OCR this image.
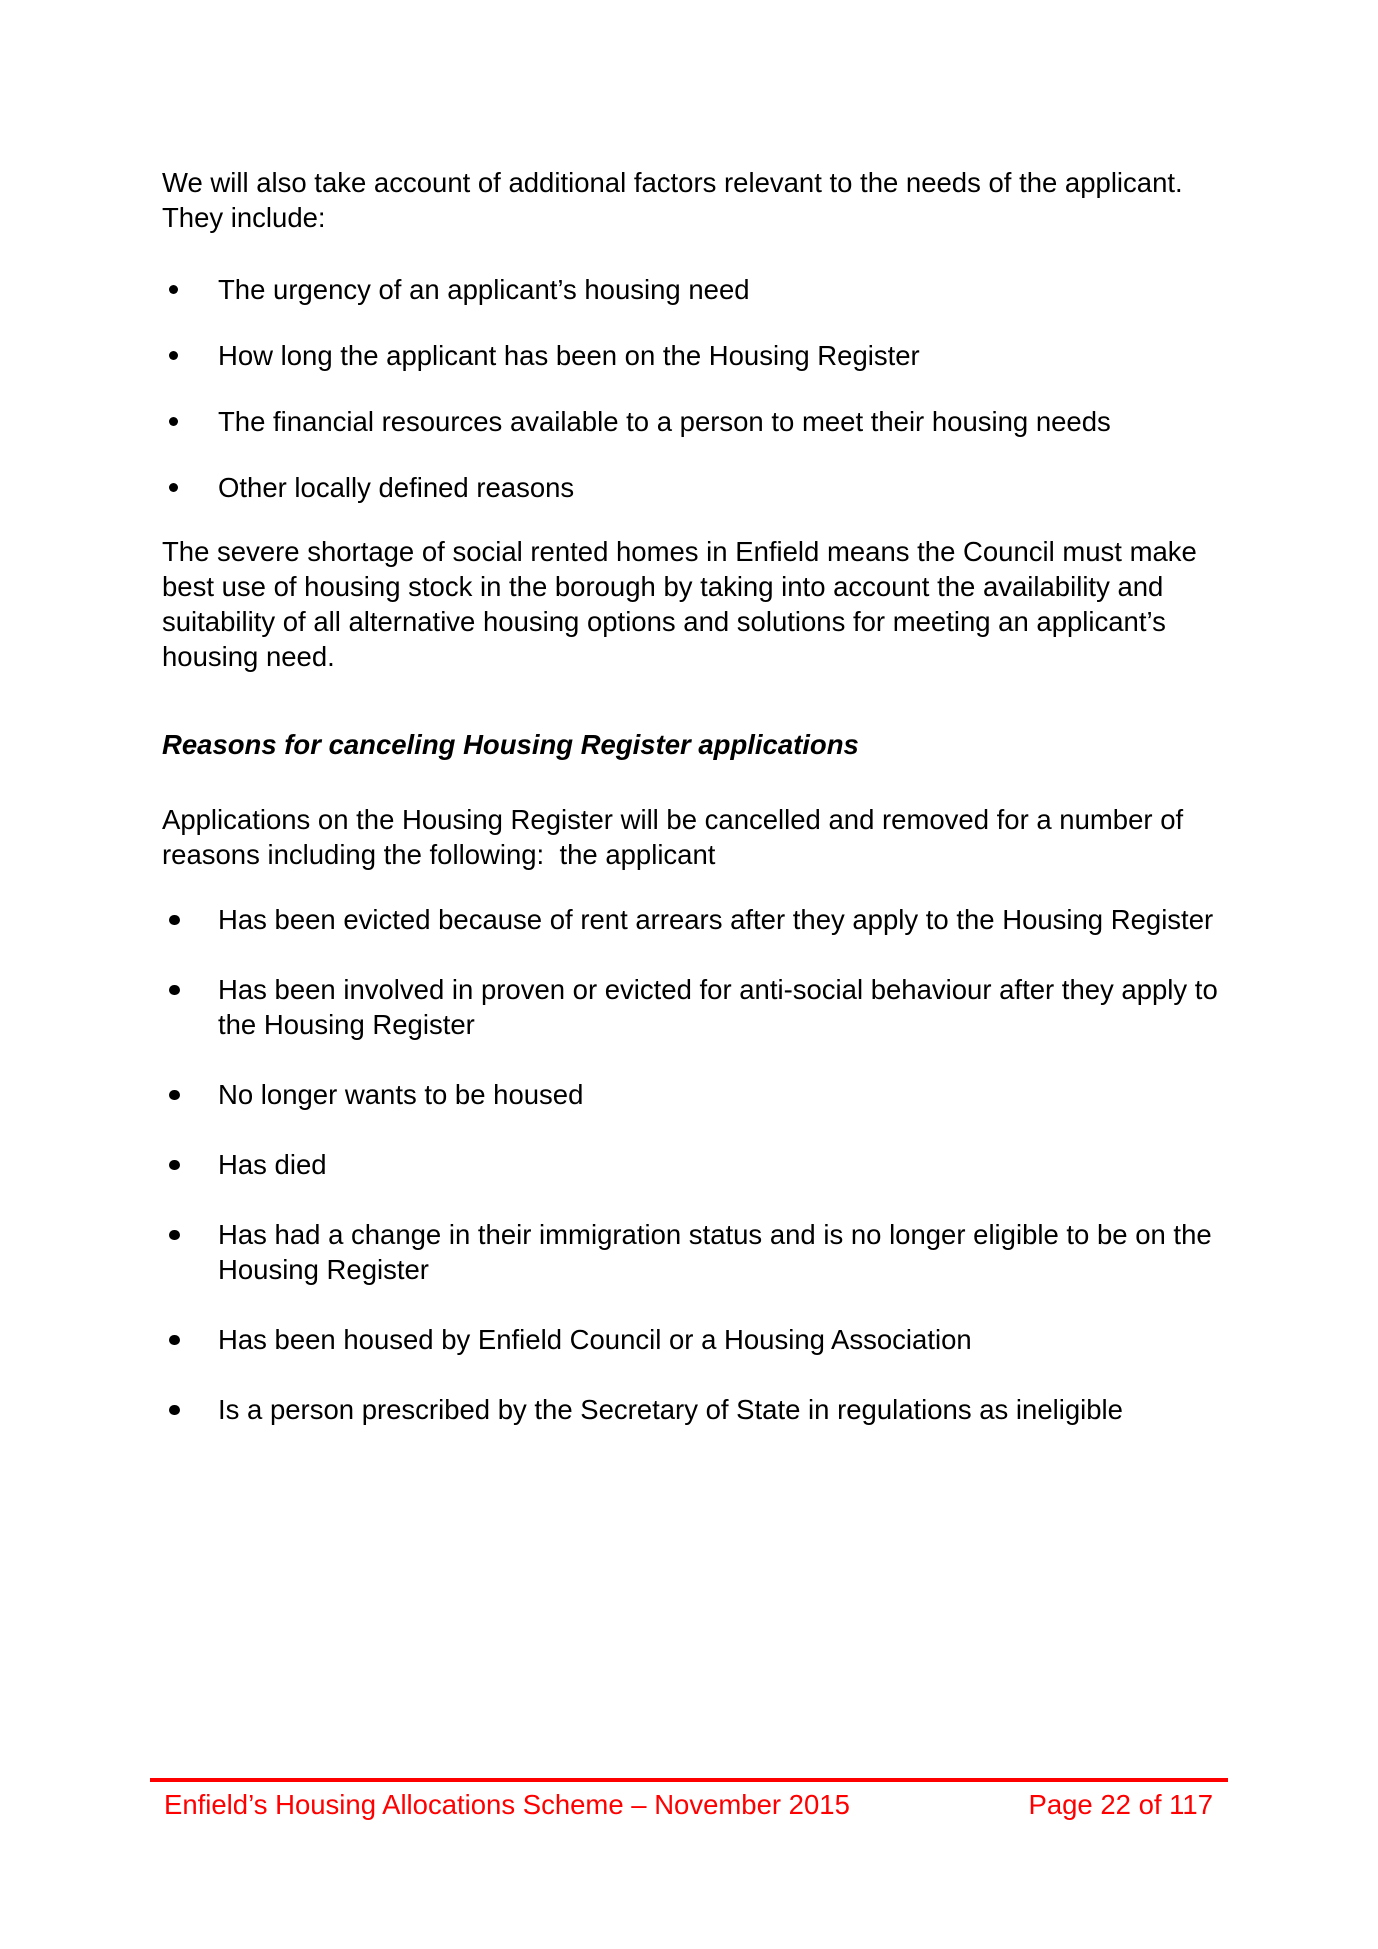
We will also take account of additional factors relevant to the needs of the applicant. They include:

The urgency of an applicant’s housing need
How long the applicant has been on the Housing Register
The financial resources available to a person to meet their housing needs
Other locally defined reasons

The severe shortage of social rented homes in Enfield means the Council must make best use of housing stock in the borough by taking into account the availability and suitability of all alternative housing options and solutions for meeting an applicant’s housing need.

Reasons for canceling Housing Register applications

Applications on the Housing Register will be cancelled and removed for a number of reasons including the following:  the applicant

Has been evicted because of rent arrears after they apply to the Housing Register
Has been involved in proven or evicted for anti-social behaviour after they apply to the Housing Register
No longer wants to be housed
Has died
Has had a change in their immigration status and is no longer eligible to be on the Housing Register
Has been housed by Enfield Council or a Housing Association
Is a person prescribed by the Secretary of State in regulations as ineligible
Enfield’s Housing Allocations Scheme – November 2015	Page 22 of 117
